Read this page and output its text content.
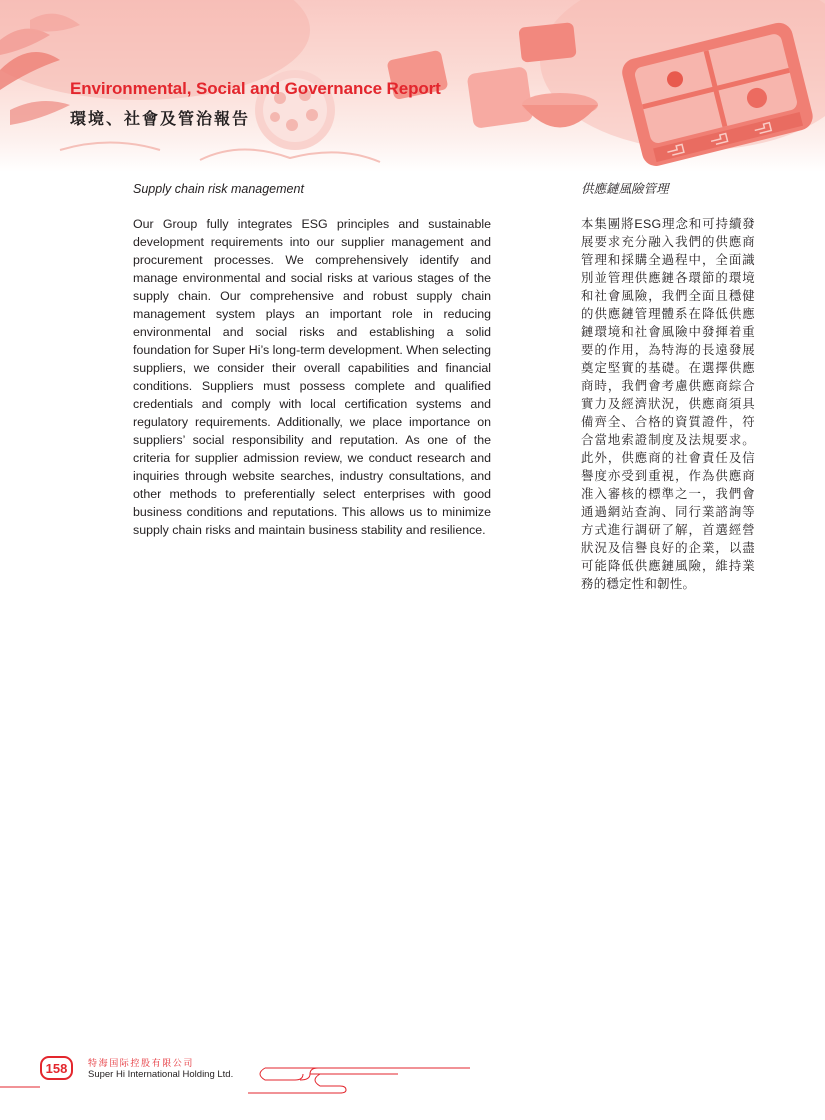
Environmental, Social and Governance Report
環境、社會及管治報告
Supply chain risk management

Our Group fully integrates ESG principles and sustainable development requirements into our supplier management and procurement processes. We comprehensively identify and manage environmental and social risks at various stages of the supply chain. Our comprehensive and robust supply chain management system plays an important role in reducing environmental and social risks and establishing a solid foundation for Super Hi’s long-term development. When selecting suppliers, we consider their overall capabilities and financial conditions. Suppliers must possess complete and qualified credentials and comply with local certification systems and regulatory requirements. Additionally, we place importance on suppliers’ social responsibility and reputation. As one of the criteria for supplier admission review, we conduct research and inquiries through website searches, industry consultations, and other methods to preferentially select enterprises with good business conditions and reputations. This allows us to minimize supply chain risks and maintain business stability and resilience.

供應鏈風險管理

本集團將ESG理念和可持續發展要求充分融入我們的供應商管理和採購全過程中，全面識別並管理供應鏈各環節的環境和社會風險，我們全面且穩健的供應鏈管理體系在降低供應鏈環境和社會風險中發揮着重要的作用，為特海的長遠發展奠定堅實的基礎。在選擇供應商時，我們會考慮供應商綜合實力及經濟狀況，供應商須具備齊全、合格的資質證件，符合當地索證制度及法規要求。此外，供應商的社會責任及信譽度亦受到重視，作為供應商准入審核的標準之一，我們會通過網站查詢、同行業諮詢等方式進行調研了解，首選經營狀況及信譽良好的企業，以盡可能降低供應鏈風險，維持業務的穩定性和韌性。

158	特海国际控股有限公司

Super Hi International Holding Ltd.
